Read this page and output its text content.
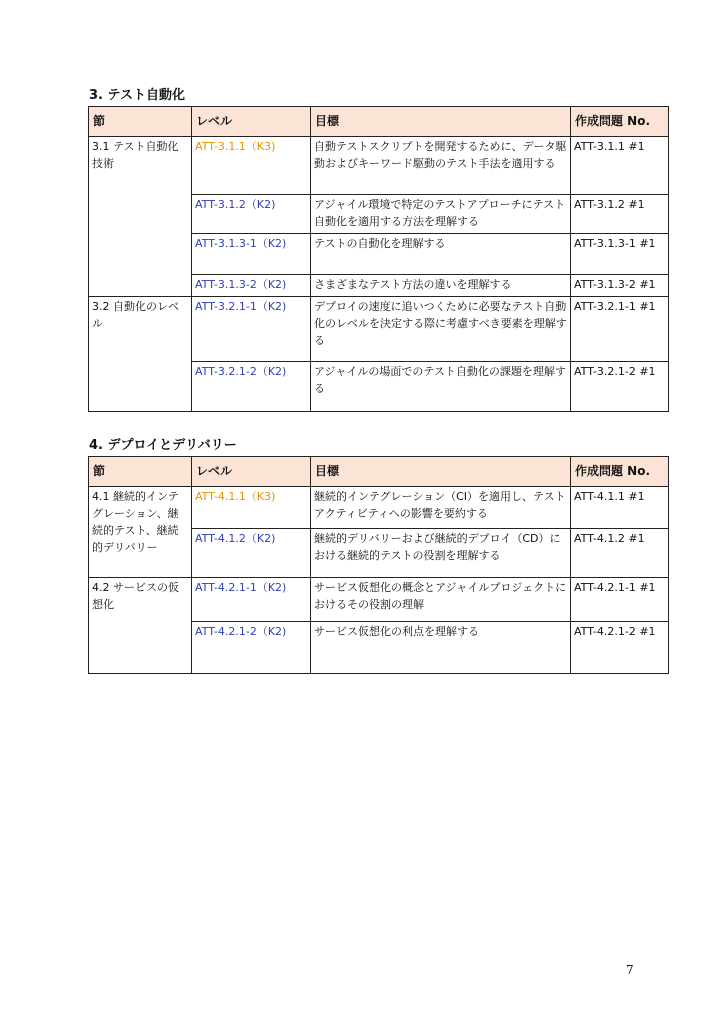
3. テスト自動化
節	レベル	目標	作成問題 No.
3.1 テスト自動化技術	ATT-3.1.1（K3)	自動テストスクリプトを開発するために、データ駆動およびキーワード駆動のテスト手法を適用する	ATT-3.1.1 #1
	ATT-3.1.2（K2)	アジャイル環境で特定のテストアプローチにテスト自動化を適用する方法を理解する	ATT-3.1.2 #1
	ATT-3.1.3-1（K2)	テストの自動化を理解する	ATT-3.1.3-1 #1
	ATT-3.1.3-2（K2)	さまざまなテスト方法の違いを理解する	ATT-3.1.3-2 #1
3.2 自動化のレベル	ATT-3.2.1-1（K2)	デプロイの速度に追いつくために必要なテスト自動化のレベルを決定する際に考慮すべき要素を理解する	ATT-3.2.1-1 #1
	ATT-3.2.1-2（K2)	アジャイルの場面でのテスト自動化の課題を理解する	ATT-3.2.1-2 #1
4. デプロイとデリバリー
節	レベル	目標	作成問題 No.
4.1 継続的インテグレーション、継続的テスト、継続的デリバリー	ATT-4.1.1（K3)	継続的インテグレーション（CI）を適用し、テストアクティビティへの影響を要約する	ATT-4.1.1 #1
	ATT-4.1.2（K2)	継続的デリバリーおよび継続的デプロイ（CD）における継続的テストの役割を理解する	ATT-4.1.2 #1
4.2 サービスの仮想化	ATT-4.2.1-1（K2)	サービス仮想化の概念とアジャイルプロジェクトにおけるその役割の理解	ATT-4.2.1-1 #1
	ATT-4.2.1-2（K2)	サービス仮想化の利点を理解する	ATT-4.2.1-2 #1
7
